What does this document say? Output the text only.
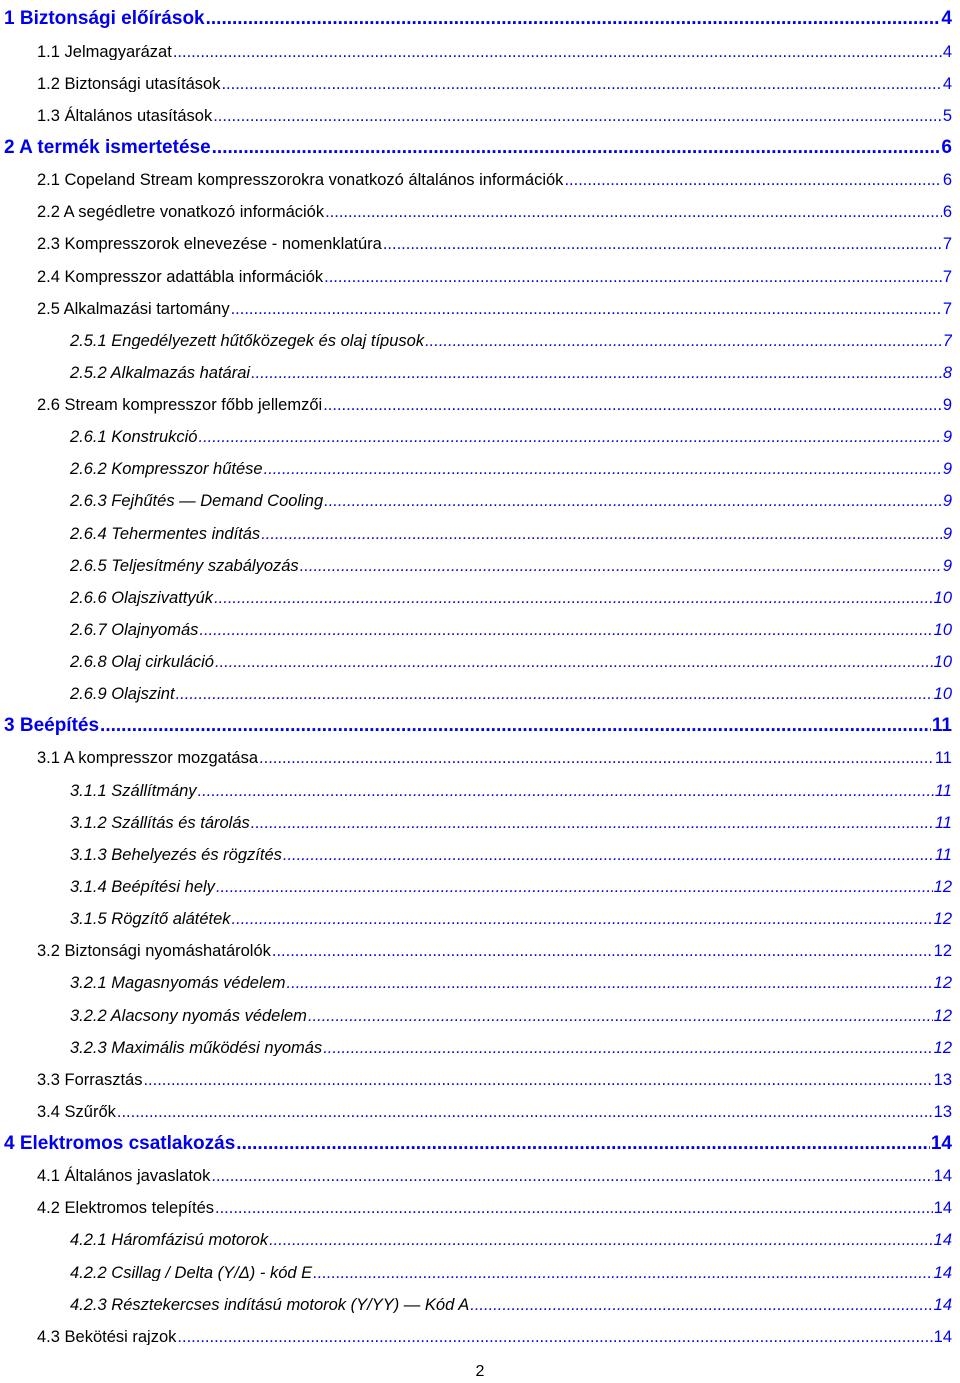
1 Biztonsági előírások .....	4
1.1 Jelmagyarázat .....	4
1.2 Biztonsági utasítások .....	4
1.3 Általános utasítások .....	5
2 A termék ismertetése .....	6
2.1 Copeland Stream kompresszorokra vonatkozó általános információk .....	6
2.2 A segédletre vonatkozó információk .....	6
2.3 Kompresszorok elnevezése - nomenklatúra .....	7
2.4 Kompresszor adattábla információk .....	7
2.5 Alkalmazási tartomány .....	7
2.5.1 Engedélyezett hűtőközegek és olaj típusok .....	7
2.5.2 Alkalmazás határai .....	8
2.6 Stream kompresszor főbb jellemzői .....	9
2.6.1 Konstrukció .....	9
2.6.2 Kompresszor hűtése .....	9
2.6.3 Fejhűtés ― Demand Cooling .....	9
2.6.4 Tehermentes indítás .....	9
2.6.5 Teljesítmény szabályozás .....	9
2.6.6 Olajszivattyúk .....	10
2.6.7 Olajnyomás .....	10
2.6.8 Olaj cirkuláció .....	10
2.6.9 Olajszint .....	10
3 Beépítés .....	11
3.1 A kompresszor mozgatása .....	11
3.1.1 Szállítmány .....	11
3.1.2 Szállítás és tárolás .....	11
3.1.3 Behelyezés és rögzítés .....	11
3.1.4 Beépítési hely .....	12
3.1.5 Rögzítő alátétek .....	12
3.2 Biztonsági nyomáshatárolók .....	12
3.2.1 Magasnyomás védelem .....	12
3.2.2 Alacsony nyomás védelem .....	12
3.2.3 Maximális működési nyomás .....	12
3.3 Forrasztás .....	13
3.4 Szűrők .....	13
4 Elektromos csatlakozás .....	14
4.1 Általános javaslatok .....	14
4.2 Elektromos telepítés .....	14
4.2.1 Háromfázisú motorok .....	14
4.2.2 Csillag / Delta (Y/Δ) - kód E .....	14
4.2.3 Résztekercses indítású motorok (Y/YY) ― Kód A .....	14
4.3 Bekötési rajzok .....	14
2
